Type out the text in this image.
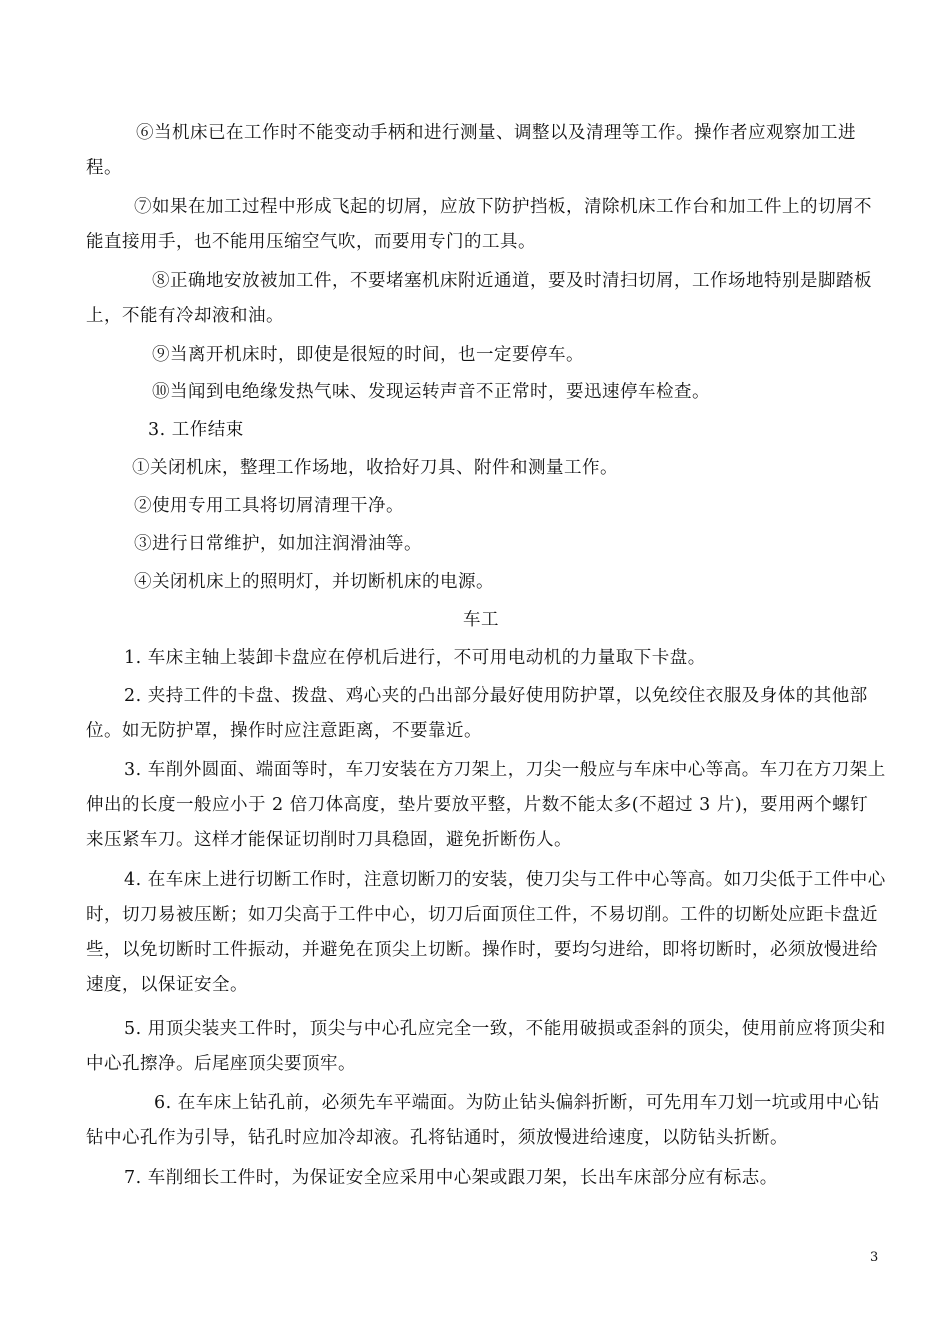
⑥当机床已在工作时不能变动手柄和进行测量、调整以及清理等工作。操作者应观察加工进程。

⑦如果在加工过程中形成飞起的切屑，应放下防护挡板，清除机床工作台和加工件上的切屑不能直接用手，也不能用压缩空气吹，而要用专门的工具。

⑧正确地安放被加工件，不要堵塞机床附近通道，要及时清扫切屑，工作场地特别是脚踏板上，不能有冷却液和油。

⑨当离开机床时，即使是很短的时间，也一定要停车。

⑩当闻到电绝缘发热气味、发现运转声音不正常时，要迅速停车检查。

3. 工作结束

①关闭机床，整理工作场地，收拾好刀具、附件和测量工作。

②使用专用工具将切屑清理干净。

③进行日常维护，如加注润滑油等。

④关闭机床上的照明灯，并切断机床的电源。

车工

1. 车床主轴上装卸卡盘应在停机后进行，不可用电动机的力量取下卡盘。

2. 夹持工件的卡盘、拨盘、鸡心夹的凸出部分最好使用防护罩，以免绞住衣服及身体的其他部位。如无防护罩，操作时应注意距离，不要靠近。

3. 车削外圆面、端面等时，车刀安装在方刀架上，刀尖一般应与车床中心等高。车刀在方刀架上伸出的长度一般应小于 2 倍刀体高度，垫片要放平整，片数不能太多(不超过 3 片)，要用两个螺钉来压紧车刀。这样才能保证切削时刀具稳固，避免折断伤人。

4. 在车床上进行切断工作时，注意切断刀的安装，使刀尖与工件中心等高。如刀尖低于工件中心时，切刀易被压断；如刀尖高于工件中心，切刀后面顶住工件，不易切削。工件的切断处应距卡盘近些，以免切断时工件振动，并避免在顶尖上切断。操作时，要均匀进给，即将切断时，必须放慢进给速度，以保证安全。

5. 用顶尖装夹工件时，顶尖与中心孔应完全一致，不能用破损或歪斜的顶尖，使用前应将顶尖和中心孔擦净。后尾座顶尖要顶牢。

6. 在车床上钻孔前，必须先车平端面。为防止钻头偏斜折断，可先用车刀划一坑或用中心钻钻中心孔作为引导，钻孔时应加冷却液。孔将钻通时，须放慢进给速度，以防钻头折断。

7. 车削细长工件时，为保证安全应采用中心架或跟刀架，长出车床部分应有标志。

3
